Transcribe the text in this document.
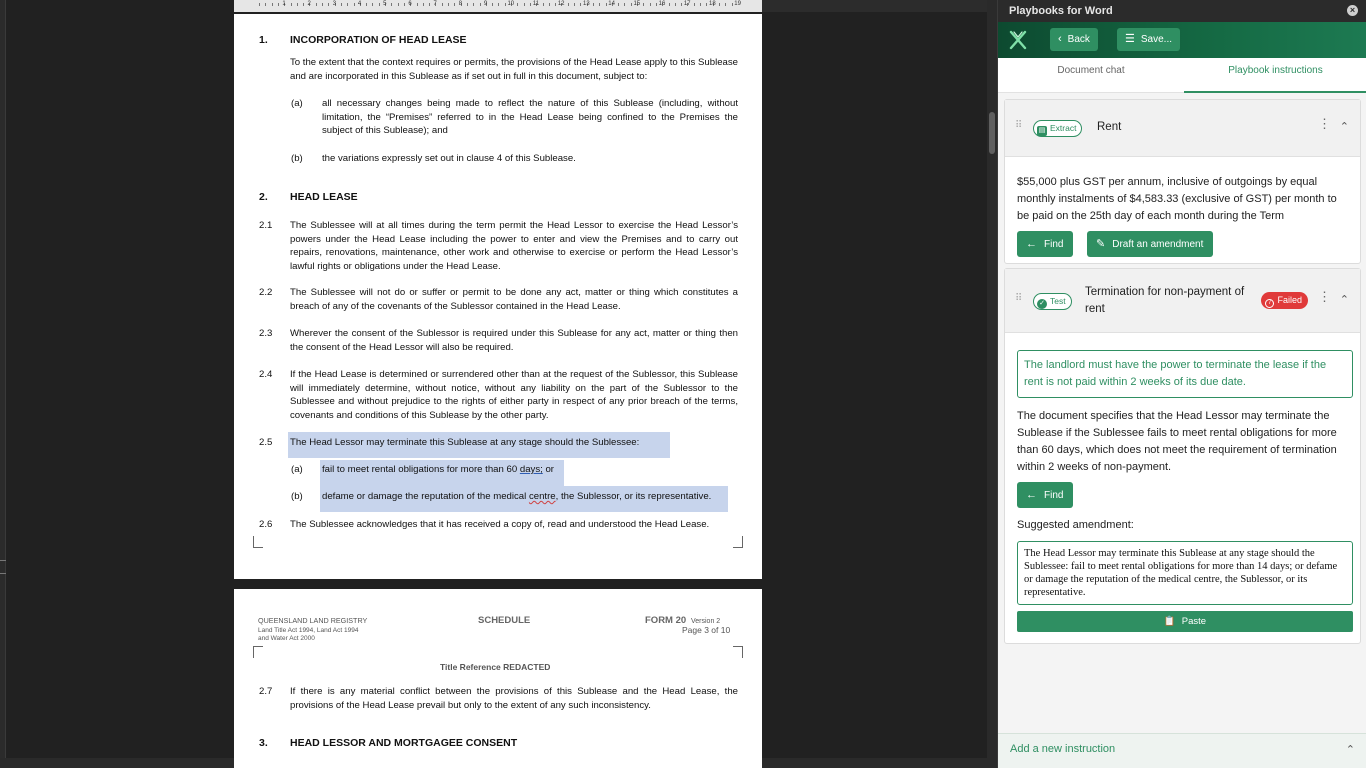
1	2	3	4	5	6	7	8	9	10	11	12	13	14	15	16	17	18	19
1. INCORPORATION OF HEAD LEASE
To the extent that the context requires or permits, the provisions of the Head Lease apply to this Sublease and are incorporated in this Sublease as if set out in full in this document, subject to:
(a) all necessary changes being made to reflect the nature of this Sublease (including, without limitation, the “Premises” referred to in the Head Lease being confined to the Premises the subject of this Sublease); and
(b) the variations expressly set out in clause 4 of this Sublease.
2. HEAD LEASE
2.1 The Sublessee will at all times during the term permit the Head Lessor to exercise the Head Lessor’s powers under the Head Lease including the power to enter and view the Premises and to carry out repairs, renovations, maintenance, other work and otherwise to exercise or perform the Head Lessor’s lawful rights or obligations under the Head Lease.
2.2 The Sublessee will not do or suffer or permit to be done any act, matter or thing which constitutes a breach of any of the covenants of the Sublessor contained in the Head Lease.
2.3 Wherever the consent of the Sublessor is required under this Sublease for any act, matter or thing then the consent of the Head Lessor will also be required.
2.4 If the Head Lease is determined or surrendered other than at the request of the Sublessor, this Sublease will immediately determine, without notice, without any liability on the part of the Sublessor to the Sublessee and without prejudice to the rights of either party in respect of any prior breach of the terms, covenants and conditions of this Sublease by the other party.
2.5 The Head Lessor may terminate this Sublease at any stage should the Sublessee:
(a) fail to meet rental obligations for more than 60 days; or
(b) defame or damage the reputation of the medical centre, the Sublessor, or its representative.
2.6 The Sublessee acknowledges that it has received a copy of, read and understood the Head Lease.
QUEENSLAND LAND REGISTRY
Land Title Act 1994, Land Act 1994
and Water Act 2000
SCHEDULE	FORM 20 Version 2
Page 3 of 10
Title Reference REDACTED
2.7 If there is any material conflict between the provisions of this Sublease and the Head Lease, the provisions of the Head Lease prevail but only to the extent of any such inconsistency.
3. HEAD LESSOR AND MORTGAGEE CONSENT
Playbooks for Word	×
‹ Back	☰ Save...
Document chat	Playbook instructions
⠿	▤ Extract	Rent	⋮ ⌃
$55,000 plus GST per annum, inclusive of outgoings by equal monthly instalments of $4,583.33 (exclusive of GST) per month to be paid on the 25th day of each month during the Term
← Find	✎ Draft an amendment
⠿	✓ Test
Termination for non-payment of rent	/ Failed	⋮ ⌃
The landlord must have the power to terminate the lease if the rent is not paid within 2 weeks of its due date.
The document specifies that the Head Lessor may terminate the Sublease if the Sublessee fails to meet rental obligations for more than 60 days, which does not meet the requirement of termination within 2 weeks of non-payment.
← Find
Suggested amendment:
The Head Lessor may terminate this Sublease at any stage should the Sublessee: fail to meet rental obligations for more than 14 days; or defame or damage the reputation of the medical centre, the Sublessor, or its representative.
📋 Paste
Add a new instruction	⌃
